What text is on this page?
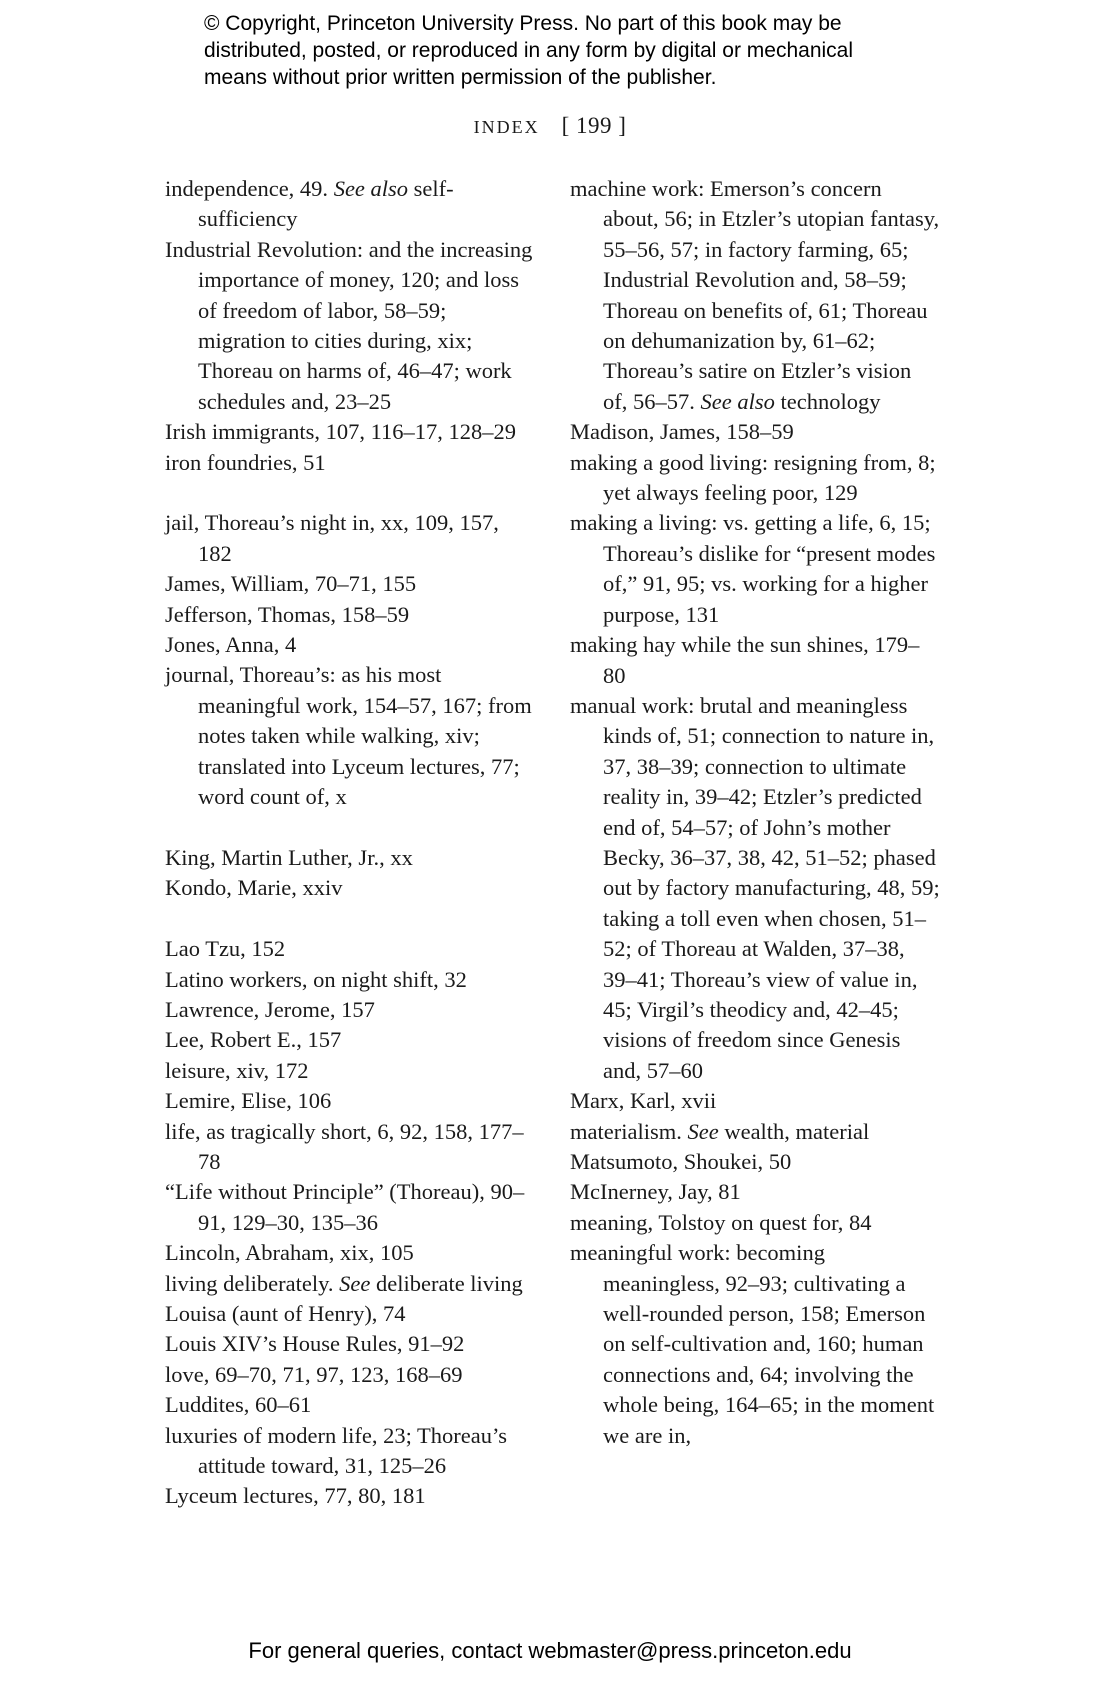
© Copyright, Princeton University Press. No part of this book may be
distributed, posted, or reproduced in any form by digital or mechanical
means without prior written permission of the publisher.
index [ 199 ]
independence, 49. See also self-sufficiency
Industrial Revolution: and the increasing importance of money, 120; and loss of freedom of labor, 58–59; migration to cities during, xix; Thoreau on harms of, 46–47; work schedules and, 23–25
Irish immigrants, 107, 116–17, 128–29
iron foundries, 51
jail, Thoreau’s night in, xx, 109, 157, 182
James, William, 70–71, 155
Jefferson, Thomas, 158–59
Jones, Anna, 4
journal, Thoreau’s: as his most meaningful work, 154–57, 167; from notes taken while walking, xiv; translated into Lyceum lectures, 77; word count of, x
King, Martin Luther, Jr., xx
Kondo, Marie, xxiv
Lao Tzu, 152
Latino workers, on night shift, 32
Lawrence, Jerome, 157
Lee, Robert E., 157
leisure, xiv, 172
Lemire, Elise, 106
life, as tragically short, 6, 92, 158, 177–78
“Life without Principle” (Thoreau), 90–91, 129–30, 135–36
Lincoln, Abraham, xix, 105
living deliberately. See deliberate living
Louisa (aunt of Henry), 74
Louis XIV’s House Rules, 91–92
love, 69–70, 71, 97, 123, 168–69
Luddites, 60–61
luxuries of modern life, 23; Thoreau’s attitude toward, 31, 125–26
Lyceum lectures, 77, 80, 181
machine work: Emerson’s concern about, 56; in Etzler’s utopian fantasy, 55–56, 57; in factory farming, 65; Industrial Revolution and, 58–59; Thoreau on benefits of, 61; Thoreau on dehumanization by, 61–62; Thoreau’s satire on Etzler’s vision of, 56–57. See also technology
Madison, James, 158–59
making a good living: resigning from, 8; yet always feeling poor, 129
making a living: vs. getting a life, 6, 15; Thoreau’s dislike for “present modes of,” 91, 95; vs. working for a higher purpose, 131
making hay while the sun shines, 179–80
manual work: brutal and meaningless kinds of, 51; connection to nature in, 37, 38–39; connection to ultimate reality in, 39–42; Etzler’s predicted end of, 54–57; of John’s mother Becky, 36–37, 38, 42, 51–52; phased out by factory manufacturing, 48, 59; taking a toll even when chosen, 51–52; of Thoreau at Walden, 37–38, 39–41; Thoreau’s view of value in, 45; Virgil’s theodicy and, 42–45; visions of freedom since Genesis and, 57–60
Marx, Karl, xvii
materialism. See wealth, material
Matsumoto, Shoukei, 50
McInerney, Jay, 81
meaning, Tolstoy on quest for, 84
meaningful work: becoming meaningless, 92–93; cultivating a well-rounded person, 158; Emerson on self-cultivation and, 160; human connections and, 64; involving the whole being, 164–65; in the moment we are in,
For general queries, contact webmaster@press.princeton.edu
